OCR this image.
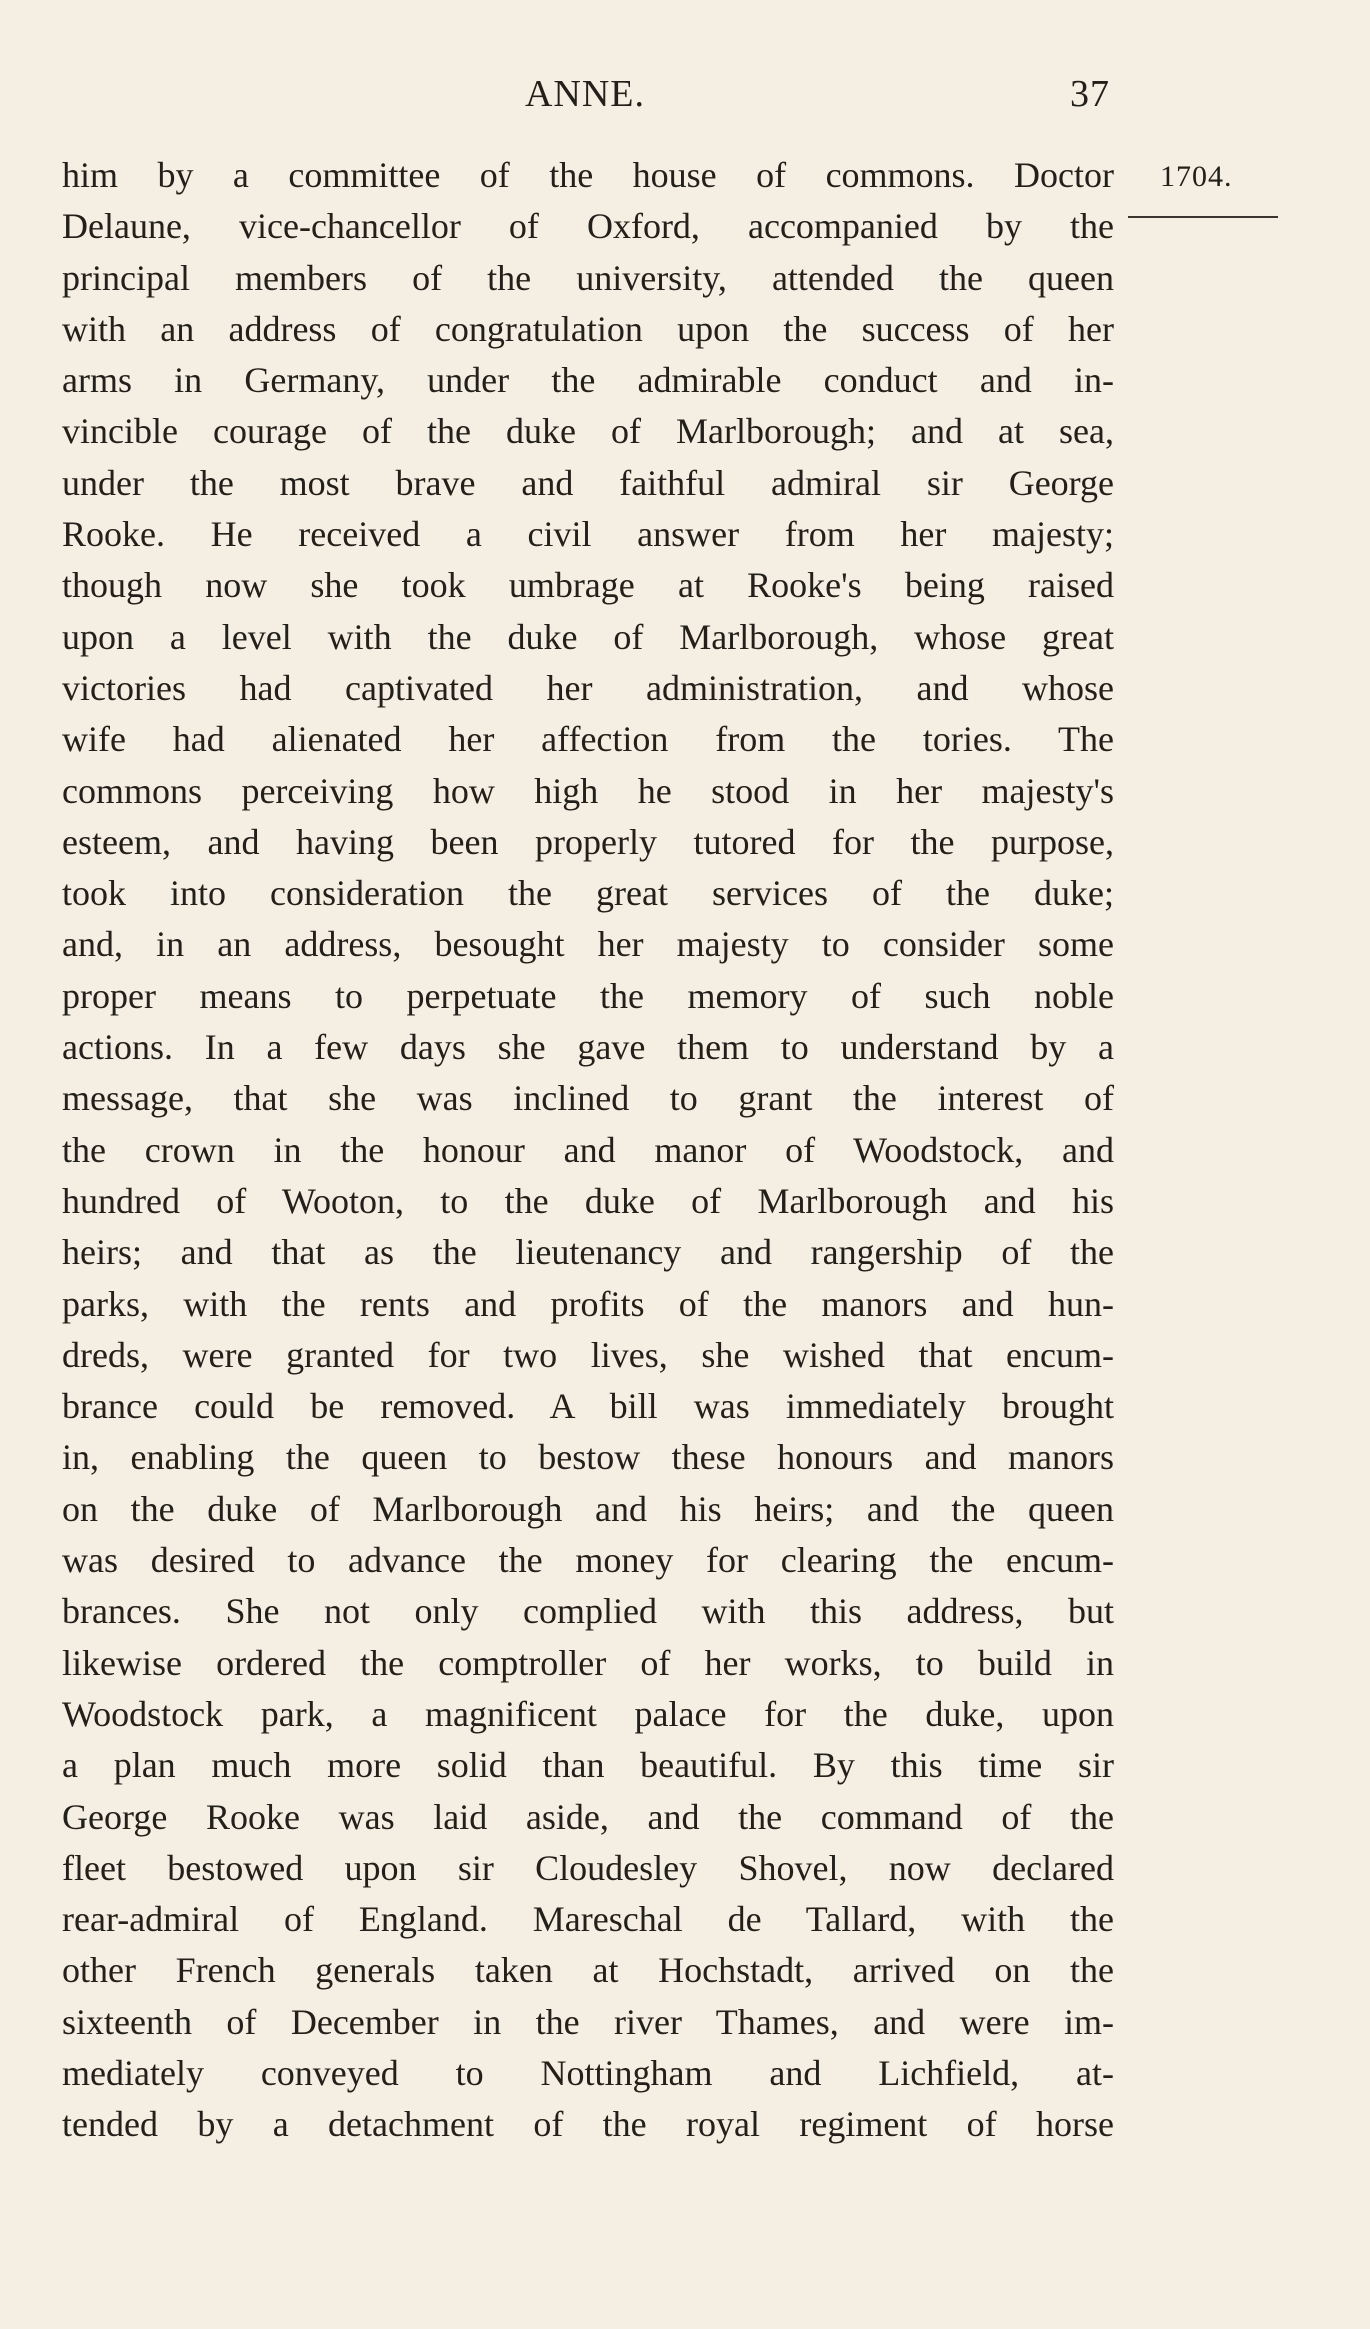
ANNE.	37
1704.
him by a committee of the house of commons. Doctor
Delaune, vice-chancellor of Oxford, accompanied by the
principal members of the university, attended the queen
with an address of congratulation upon the success of her
arms in Germany, under the admirable conduct and in-
vincible courage of the duke of Marlborough; and at sea,
under the most brave and faithful admiral sir George
Rooke. He received a civil answer from her majesty;
though now she took umbrage at Rooke's being raised
upon a level with the duke of Marlborough, whose great
victories had captivated her administration, and whose
wife had alienated her affection from the tories. The
commons perceiving how high he stood in her majesty's
esteem, and having been properly tutored for the purpose,
took into consideration the great services of the duke;
and, in an address, besought her majesty to consider some
proper means to perpetuate the memory of such noble
actions. In a few days she gave them to understand by a
message, that she was inclined to grant the interest of
the crown in the honour and manor of Woodstock, and
hundred of Wooton, to the duke of Marlborough and his
heirs; and that as the lieutenancy and rangership of the
parks, with the rents and profits of the manors and hun-
dreds, were granted for two lives, she wished that encum-
brance could be removed. A bill was immediately brought
in, enabling the queen to bestow these honours and manors
on the duke of Marlborough and his heirs; and the queen
was desired to advance the money for clearing the encum-
brances. She not only complied with this address, but
likewise ordered the comptroller of her works, to build in
Woodstock park, a magnificent palace for the duke, upon
a plan much more solid than beautiful. By this time sir
George Rooke was laid aside, and the command of the
fleet bestowed upon sir Cloudesley Shovel, now declared
rear-admiral of England. Mareschal de Tallard, with the
other French generals taken at Hochstadt, arrived on the
sixteenth of December in the river Thames, and were im-
mediately conveyed to Nottingham and Lichfield, at-
tended by a detachment of the royal regiment of horse
